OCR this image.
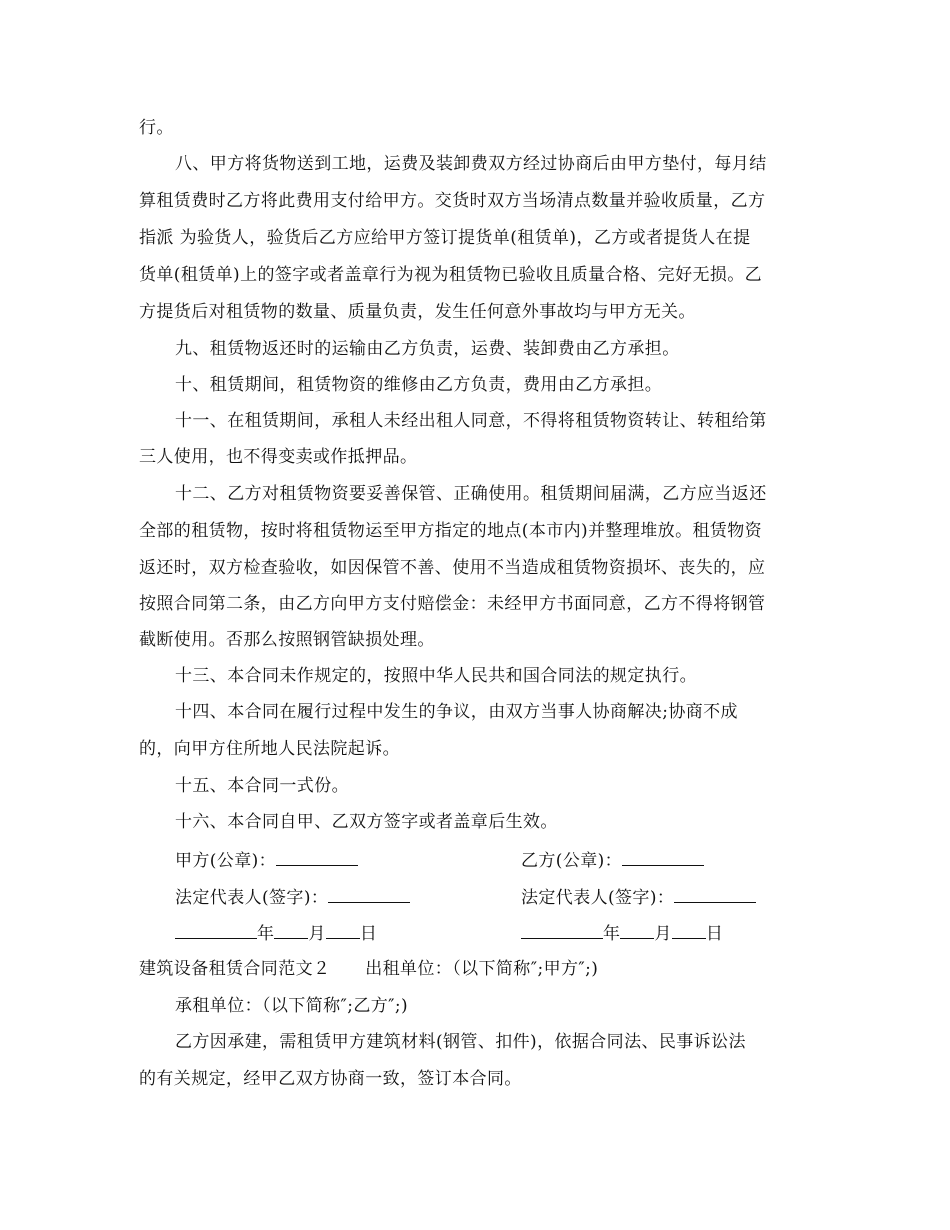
行。
八、甲方将货物送到工地，运费及装卸费双方经过协商后由甲方垫付，每月结
算租赁费时乙方将此费用支付给甲方。交货时双方当场清点数量并验收质量，乙方
指派 为验货人，验货后乙方应给甲方签订提货单(租赁单)，乙方或者提货人在提
货单(租赁单)上的签字或者盖章行为视为租赁物已验收且质量合格、完好无损。乙
方提货后对租赁物的数量、质量负责，发生任何意外事故均与甲方无关。
九、租赁物返还时的运输由乙方负责，运费、装卸费由乙方承担。
十、租赁期间，租赁物资的维修由乙方负责，费用由乙方承担。
十一、在租赁期间，承租人未经出租人同意，不得将租赁物资转让、转租给第
三人使用，也不得变卖或作抵押品。
十二、乙方对租赁物资要妥善保管、正确使用。租赁期间届满，乙方应当返还
全部的租赁物，按时将租赁物运至甲方指定的地点(本市内)并整理堆放。租赁物资
返还时，双方检查验收，如因保管不善、使用不当造成租赁物资损坏、丧失的，应
按照合同第二条，由乙方向甲方支付赔偿金：未经甲方书面同意，乙方不得将钢管
截断使用。否那么按照钢管缺损处理。
十三、本合同未作规定的，按照中华人民共和国合同法的规定执行。
十四、本合同在履行过程中发生的争议，由双方当事人协商解决;协商不成
的，向甲方住所地人民法院起诉。
十五、本合同一式份。
十六、本合同自甲、乙双方签字或者盖章后生效。
甲方(公章)：	乙方(公章)：
法定代表人(签字)：	法定代表人(签字)：
年 月 日	年 月 日
建筑设备租赁合同范文２　　出租单位：（以下简称″;甲方″;)
承租单位：（以下简称″;乙方″;)
乙方因承建，需租赁甲方建筑材料(钢管、扣件)，依据合同法、民事诉讼法
的有关规定，经甲乙双方协商一致，签订本合同。
